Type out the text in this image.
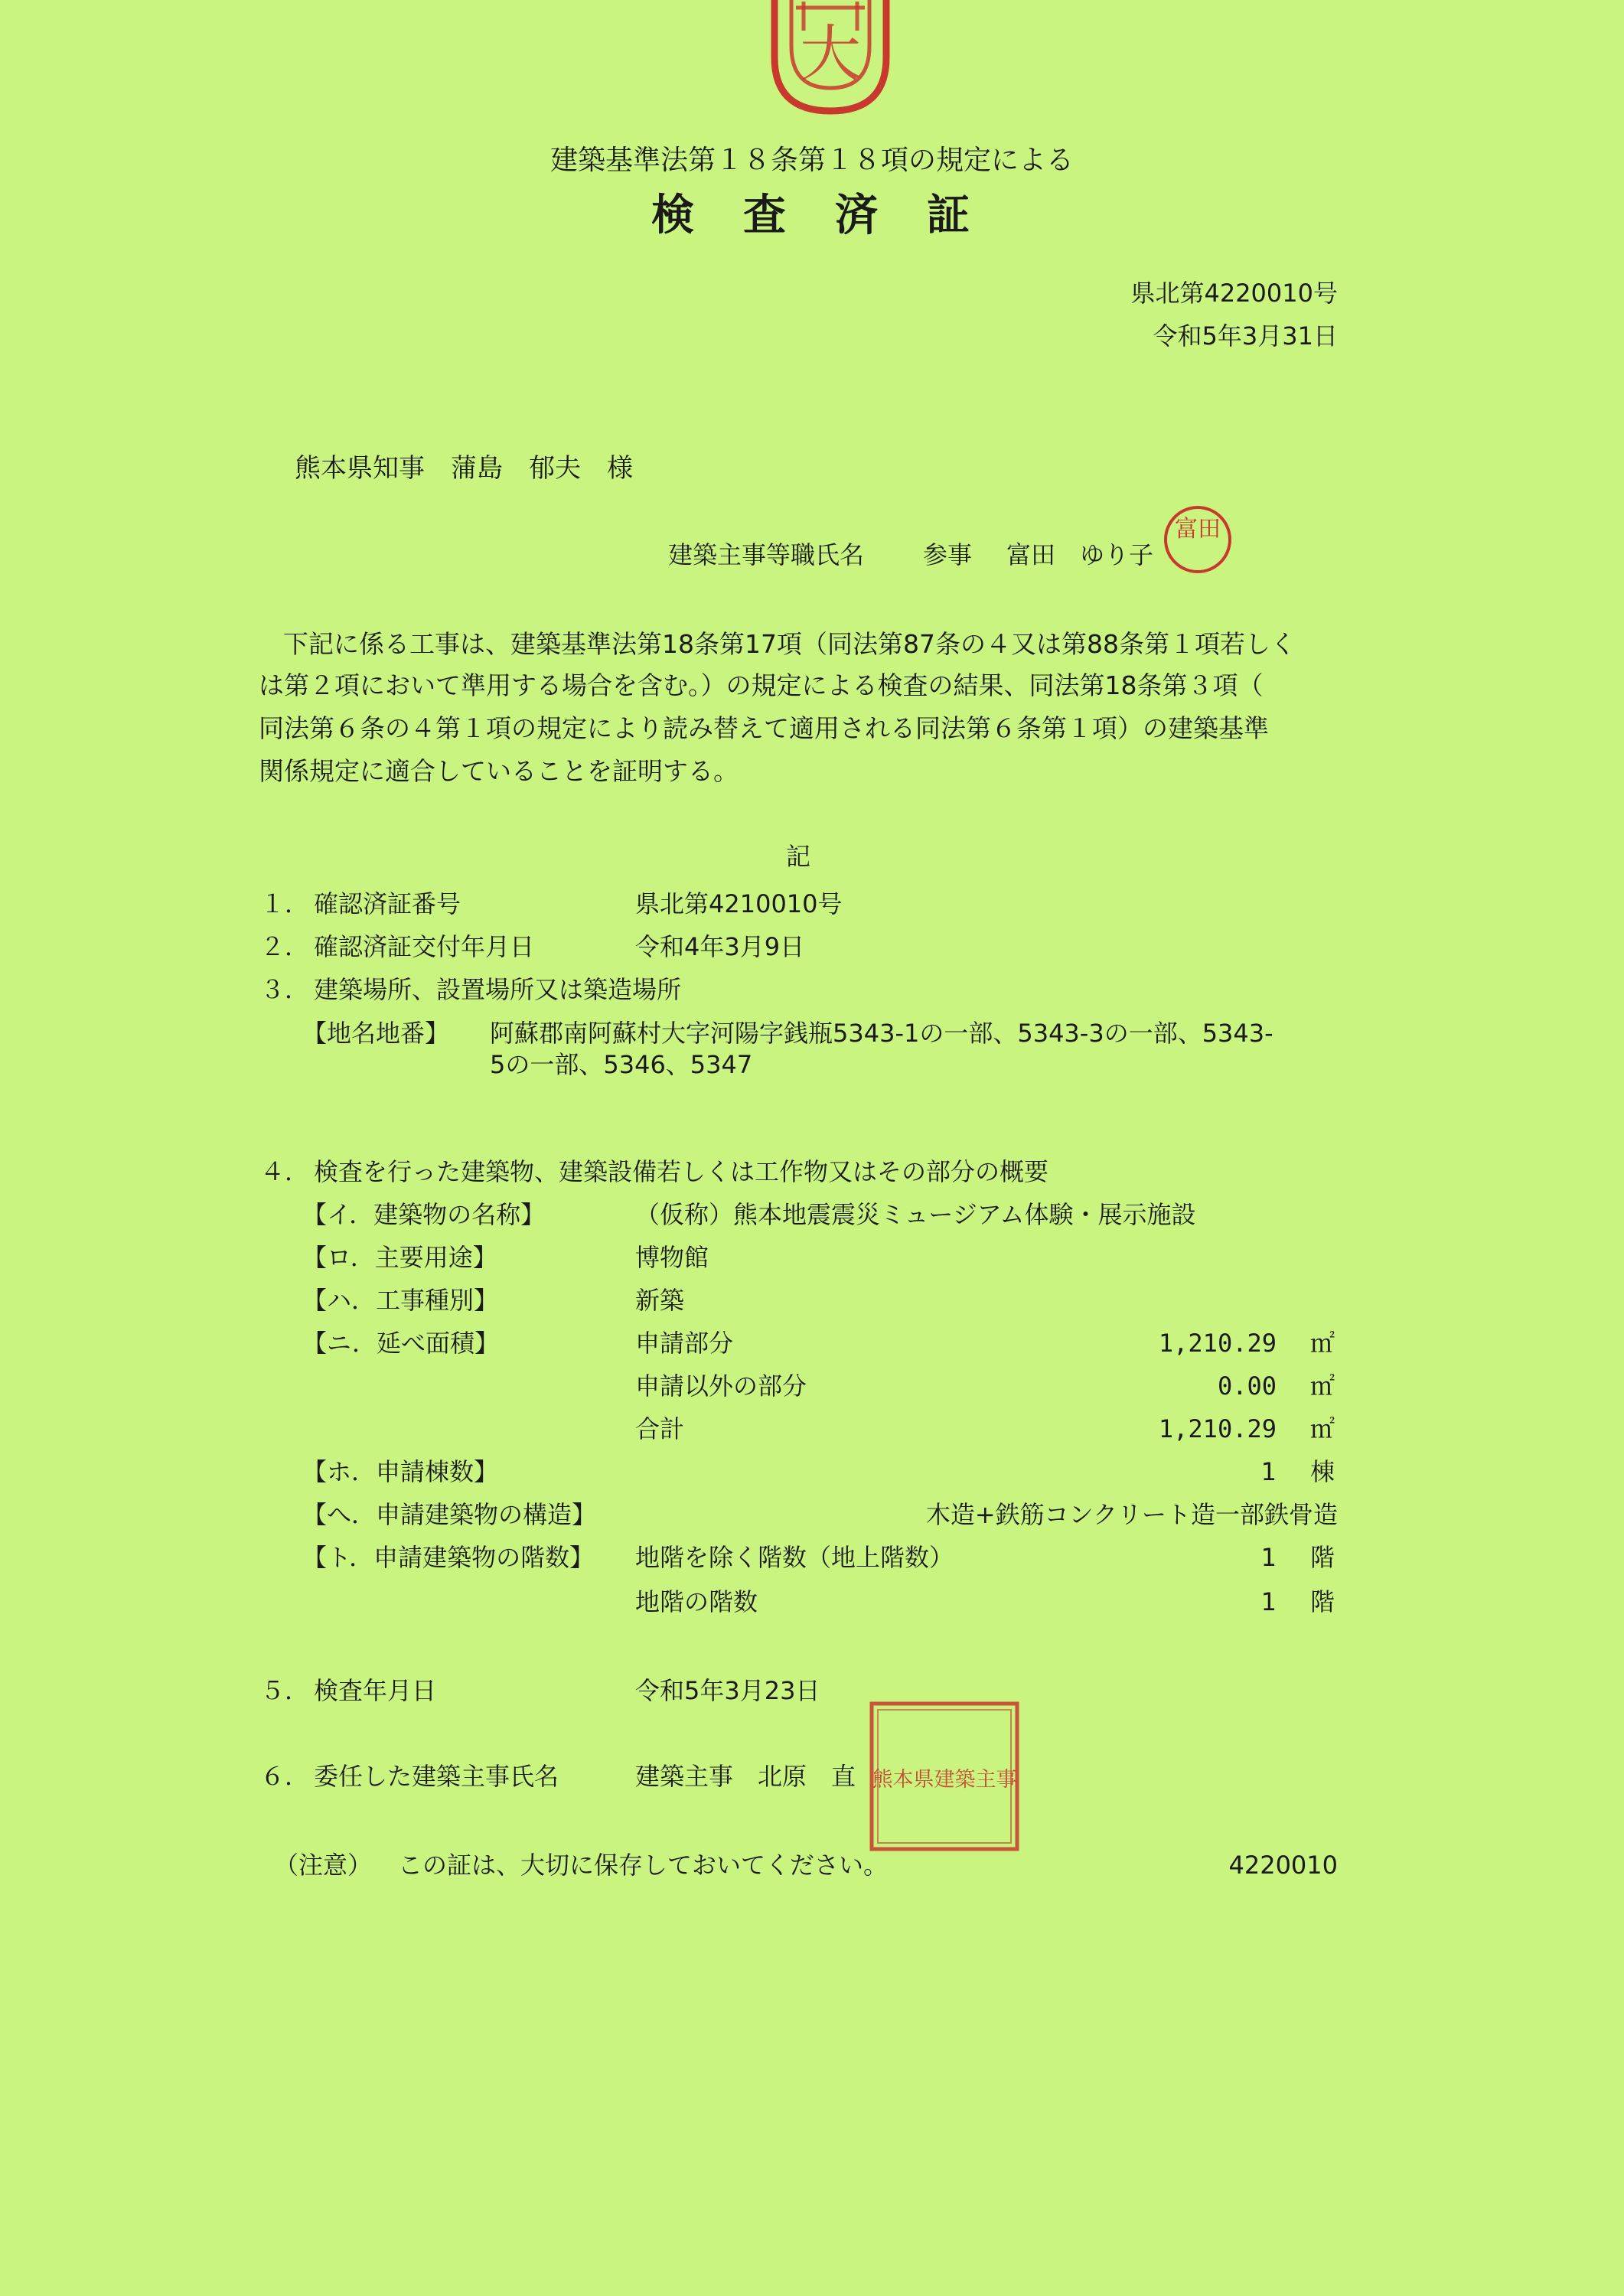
大
建築基準法第１８条第１８項の規定による
検　査　済　証
県北第4220010号
令和5年3月31日
熊本県知事　蒲島　郁夫　様
建築主事等職氏名 参事 富田　ゆり子
富田
下記に係る工事は、建築基準法第18条第17項（同法第87条の４又は第88条第１項若しく
は第２項において準用する場合を含む。）の規定による検査の結果、同法第18条第３項（
同法第６条の４第１項の規定により読み替えて適用される同法第６条第１項）の建築基準
関係規定に適合していることを証明する。
記
１． 確認済証番号	県北第4210010号
２． 確認済証交付年月日	令和4年3月9日
３． 建築場所、設置場所又は築造場所
【地名地番】 阿蘇郡南阿蘇村大字河陽字銭瓶5343-1の一部、5343-3の一部、5343-
5の一部、5346、5347
４． 検査を行った建築物、建築設備若しくは工作物又はその部分の概要
【イ．建築物の名称】	（仮称）熊本地震震災ミュージアム体験・展示施設
【ロ．主要用途】	博物館
【ハ．工事種別】	新築
【ニ．延べ面積】	申請部分	1,210.29 ㎡
申請以外の部分	0.00 ㎡
合計	1,210.29 ㎡
【ホ．申請棟数】	1 棟
【へ．申請建築物の構造】	木造+鉄筋コンクリート造一部鉄骨造
【ト．申請建築物の階数】 地階を除く階数（地上階数）	1 階
地階の階数	1 階
５． 検査年月日	令和5年3月23日
６． 委任した建築主事氏名	建築主事　北原　直 熊本県建築主事
（注意） この証は、大切に保存しておいてください。	4220010
